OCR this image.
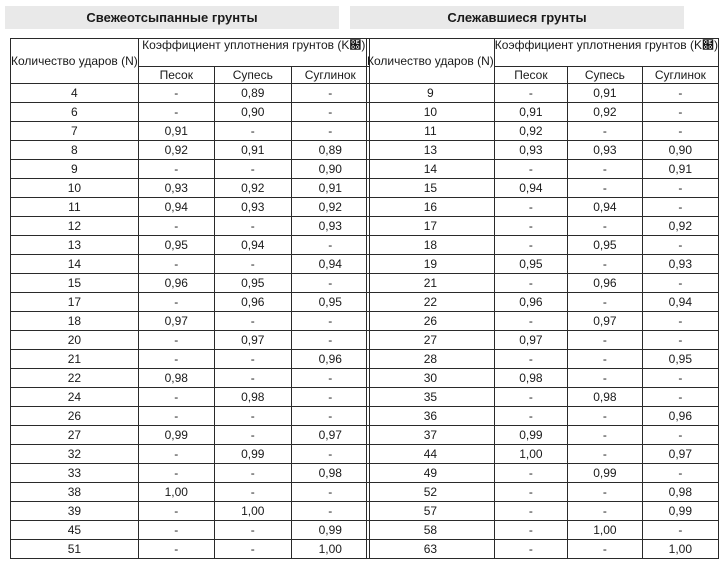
Свежеотсыпанные грунты
Количество ударов (N)	Коэффициент уплотнения грунтов (K฀)		
	Песок	Супесь	Суглинок
4	-	0,89	-
6	-	0,90	-
7	0,91	-	-
8	0,92	0,91	0,89
9	-	-	0,90
10	0,93	0,92	0,91
11	0,94	0,93	0,92
12	-	-	0,93
13	0,95	0,94	-
14	-	-	0,94
15	0,96	0,95	-
17	-	0,96	0,95
18	0,97	-	-
20	-	0,97	-
21	-	-	0,96
22	0,98	-	-
24	-	0,98	-
26	-	-	-
27	0,99	-	0,97
32	-	0,99	-
33	-	-	0,98
38	1,00	-	-
39	-	1,00	-
45	-	-	0,99
51	-	-	1,00
Слежавшиеся грунты
Количество ударов (N)	Коэффициент уплотнения грунтов (K฀)		
	Песок	Супесь	Суглинок
9	-	0,91	-
10	0,91	0,92	-
11	0,92	-	-
13	0,93	0,93	0,90
14	-	-	0,91
15	0,94	-	-
16	-	0,94	-
17	-	-	0,92
18	-	0,95	-
19	0,95	-	0,93
21	-	0,96	-
22	0,96	-	0,94
26	-	0,97	-
27	0,97	-	-
28	-	-	0,95
30	0,98	-	-
35	-	0,98	-
36	-	-	0,96
37	0,99	-	-
44	1,00	-	0,97
49	-	0,99	-
52	-	-	0,98
57	-	-	0,99
58	-	1,00	-
63	-	-	1,00
